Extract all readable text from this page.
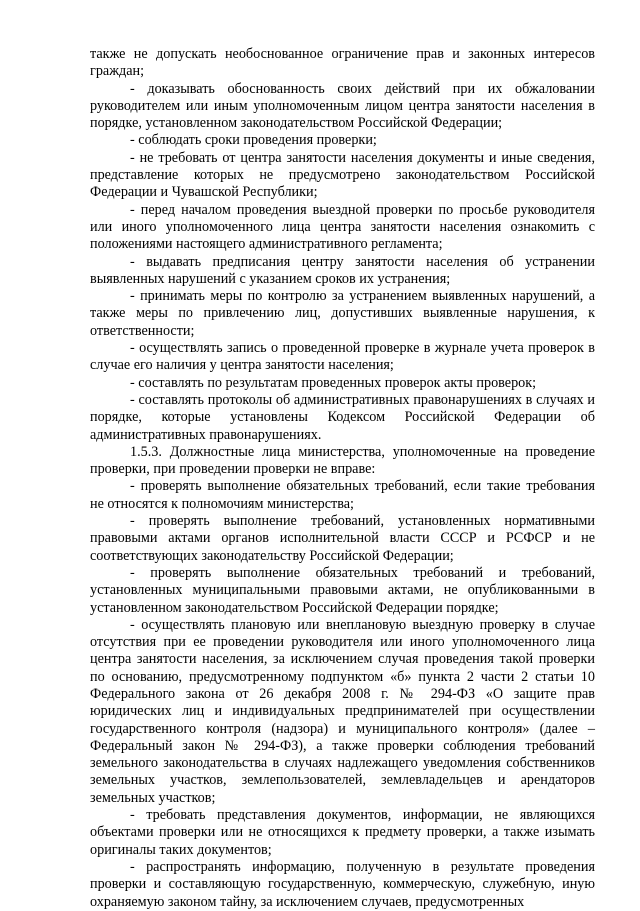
также не допускать необоснованное ограничение прав и законных интересов граждан;

- доказывать обоснованность своих действий при их обжаловании руководителем или иным уполномоченным лицом центра занятости населения в порядке, установленном законодательством Российской Федерации;

- соблюдать сроки проведения проверки;

- не требовать от центра занятости населения документы и иные сведения, представление которых не предусмотрено законодательством Российской Федерации и Чувашской Республики;

- перед началом проведения выездной проверки по просьбе руководителя или иного уполномоченного лица центра занятости населения ознакомить с положениями настоящего административного регламента;

- выдавать предписания центру занятости населения об устранении выявленных нарушений с указанием сроков их устранения;

- принимать меры по контролю за устранением выявленных нарушений, а также меры по привлечению лиц, допустивших выявленные нарушения, к ответственности;

- осуществлять запись о проведенной проверке в журнале учета проверок в случае его наличия у центра занятости населения;

- составлять по результатам проведенных проверок акты проверок;

- составлять протоколы об административных правонарушениях в случаях и порядке, которые установлены Кодексом Российской Федерации об административных правонарушениях.

1.5.3. Должностные лица министерства, уполномоченные на проведение проверки, при проведении проверки не вправе:

- проверять выполнение обязательных требований, если такие требования не относятся к полномочиям министерства;

- проверять выполнение требований, установленных нормативными правовыми актами органов исполнительной власти СССР и РСФСР и не соответствующих законодательству Российской Федерации;

- проверять выполнение обязательных требований и требований, установленных муниципальными правовыми актами, не опубликованными в установленном законодательством Российской Федерации порядке;

- осуществлять плановую или внеплановую выездную проверку в случае отсутствия при ее проведении руководителя или иного уполномоченного лица центра занятости населения, за исключением случая проведения такой проверки по основанию, предусмотренному подпунктом «б» пункта 2 части 2 статьи 10 Федерального закона от 26 декабря 2008 г. № 294-ФЗ «О защите прав юридических лиц и индивидуальных предпринимателей при осуществлении государственного контроля (надзора) и муниципального контроля» (далее – Федеральный закон № 294-ФЗ), а также проверки соблюдения требований земельного законодательства в случаях надлежащего уведомления собственников земельных участков, землепользователей, землевладельцев и арендаторов земельных участков;

- требовать представления документов, информации, не являющихся объектами проверки или не относящихся к предмету проверки, а также изымать оригиналы таких документов;

- распространять информацию, полученную в результате проведения проверки и составляющую государственную, коммерческую, служебную, иную охраняемую законом тайну, за исключением случаев, предусмотренных
